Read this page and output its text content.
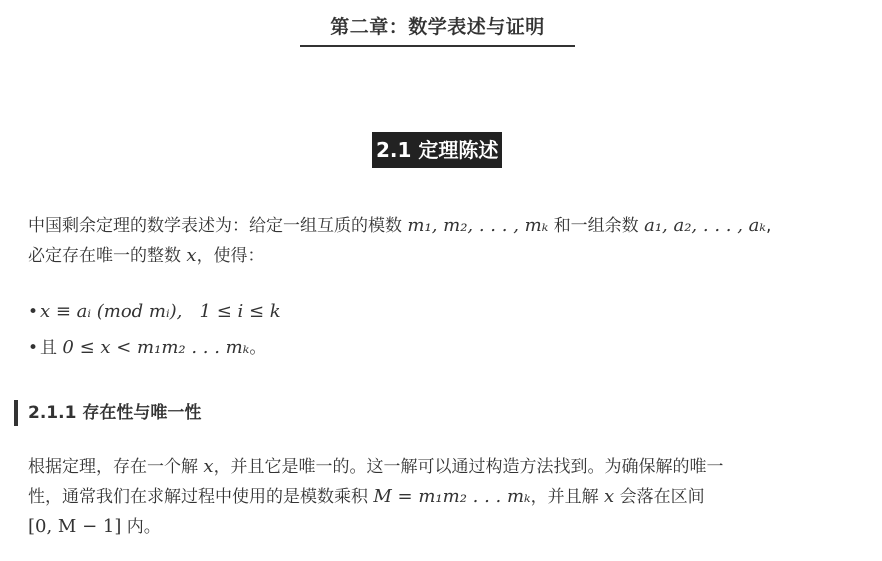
第二章：数学表述与证明
2.1 定理陈述
中国剩余定理的数学表述为：给定一组互质的模数 m₁, m₂, . . . , mₖ 和一组余数 a₁, a₂, . . . , aₖ,
必定存在唯一的整数 x，使得：
• x ≡ aᵢ (mod mᵢ),   1 ≤ i ≤ k
• 且 0 ≤ x < m₁m₂ . . . mₖ。
2.1.1 存在性与唯一性
根据定理，存在一个解 x，并且它是唯一的。这一解可以通过构造方法找到。为确保解的唯一
性，通常我们在求解过程中使用的是模数乘积 M = m₁m₂ . . . mₖ，并且解 x 会落在区间
[0, M − 1] 内。
